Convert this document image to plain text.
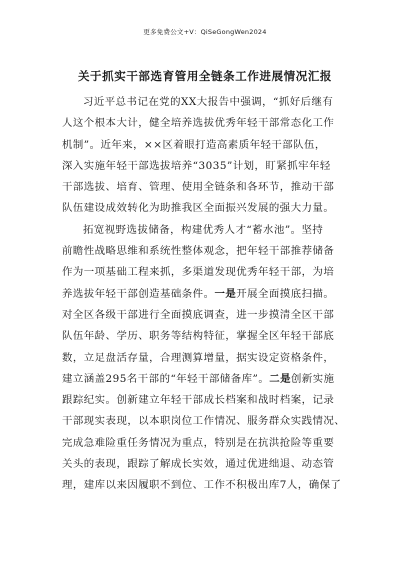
更多免费公文+V：QiSeGongWen2024
关于抓实干部选育管用全链条工作进展情况汇报
习近平总书记在党的XX大报告中强调，“抓好后继有
人这个根本大计，健全培养选拔优秀年轻干部常态化工作
机制”。近年来，××区着眼打造高素质年轻干部队伍，
深入实施年轻干部选拔培养“3035”计划，盯紧抓牢年轻
干部选拔、培育、管理、使用全链条和各环节，推动干部
队伍建设成效转化为助推我区全面振兴发展的强大力量。
拓宽视野选拔储备，构建优秀人才“蓄水池”。坚持
前瞻性战略思维和系统性整体观念，把年轻干部推荐储备
作为一项基础工程来抓，多渠道发现优秀年轻干部，为培
养选拔年轻干部创造基础条件。一是开展全面摸底扫描。
对全区各级干部进行全面摸底调查，进一步摸清全区干部
队伍年龄、学历、职务等结构特征，掌握全区年轻干部底
数，立足盘活存量，合理测算增量，据实设定资格条件，
建立涵盖295名干部的“年轻干部储备库”。二是创新实施
跟踪纪实。创新建立年轻干部成长档案和战时档案，记录
干部现实表现，以本职岗位工作情况、服务群众实践情况、
完成急难险重任务情况为重点，特别是在抗洪抢险等重要
关头的表现，跟踪了解成长实效，通过优进绌退、动态管
理，建库以来因履职不到位、工作不积极出库7人，确保了
